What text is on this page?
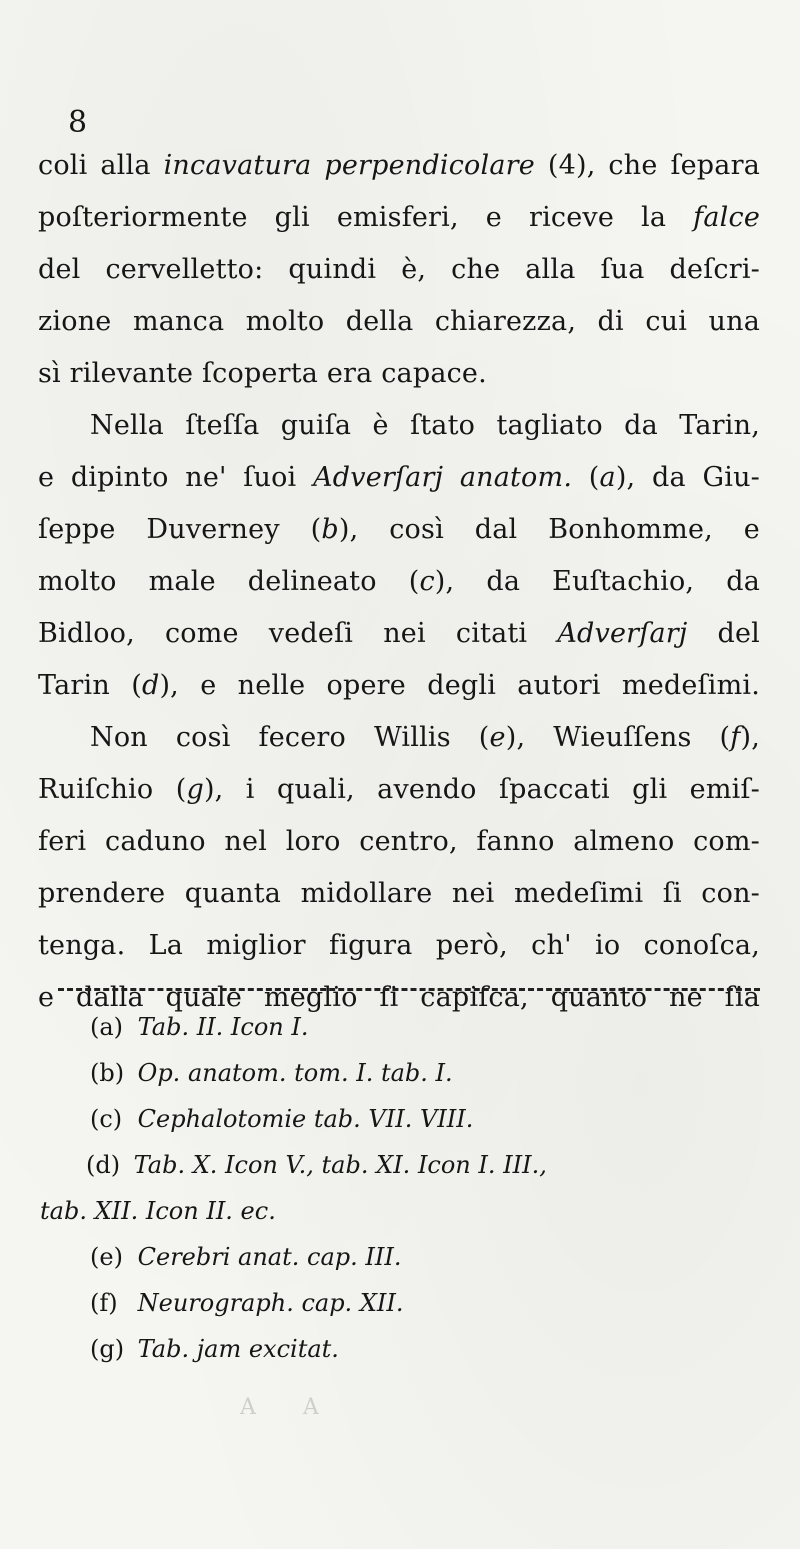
8
coli alla incavatura perpendicolare (4), che ſepara
poſteriormente gli emisferi, e riceve la falce
del cervelletto: quindi è, che alla ſua deſcri-
zione manca molto della chiarezza, di cui una
sì rilevante ſcoperta era capace.
Nella ſteſſa guiſa è ſtato tagliato da Tarin,
e dipinto ne' ſuoi Adverſarj anatom. (a), da Giu-
ſeppe Duverney (b), così dal Bonhomme, e
molto male delineato (c), da Euſtachio, da
Bidloo, come vedeſi nei citati Adverſarj del
Tarin (d), e nelle opere degli autori medeſimi.
Non così fecero Willis (e), Wieuſſens (f),
Ruiſchio (g), i quali, avendo ſpaccati gli emiſ-
feri caduno nel loro centro, fanno almeno com-
prendere quanta midollare nei medeſimi ſi con-
tenga. La miglior figura però, ch' io conoſca,
e dalla quale meglio ſi capiſca, quanto ne ſia
(a) Tab. II. Icon I.
(b) Op. anatom. tom. I. tab. I.
(c) Cephalotomie tab. VII. VIII.
(d) Tab. X. Icon V., tab. XI. Icon I. III.,
tab. XII. Icon II. ec.
(e) Cerebri anat. cap. III.
(f) Neurograph. cap. XII.
(g) Tab. jam excitat.
A A
